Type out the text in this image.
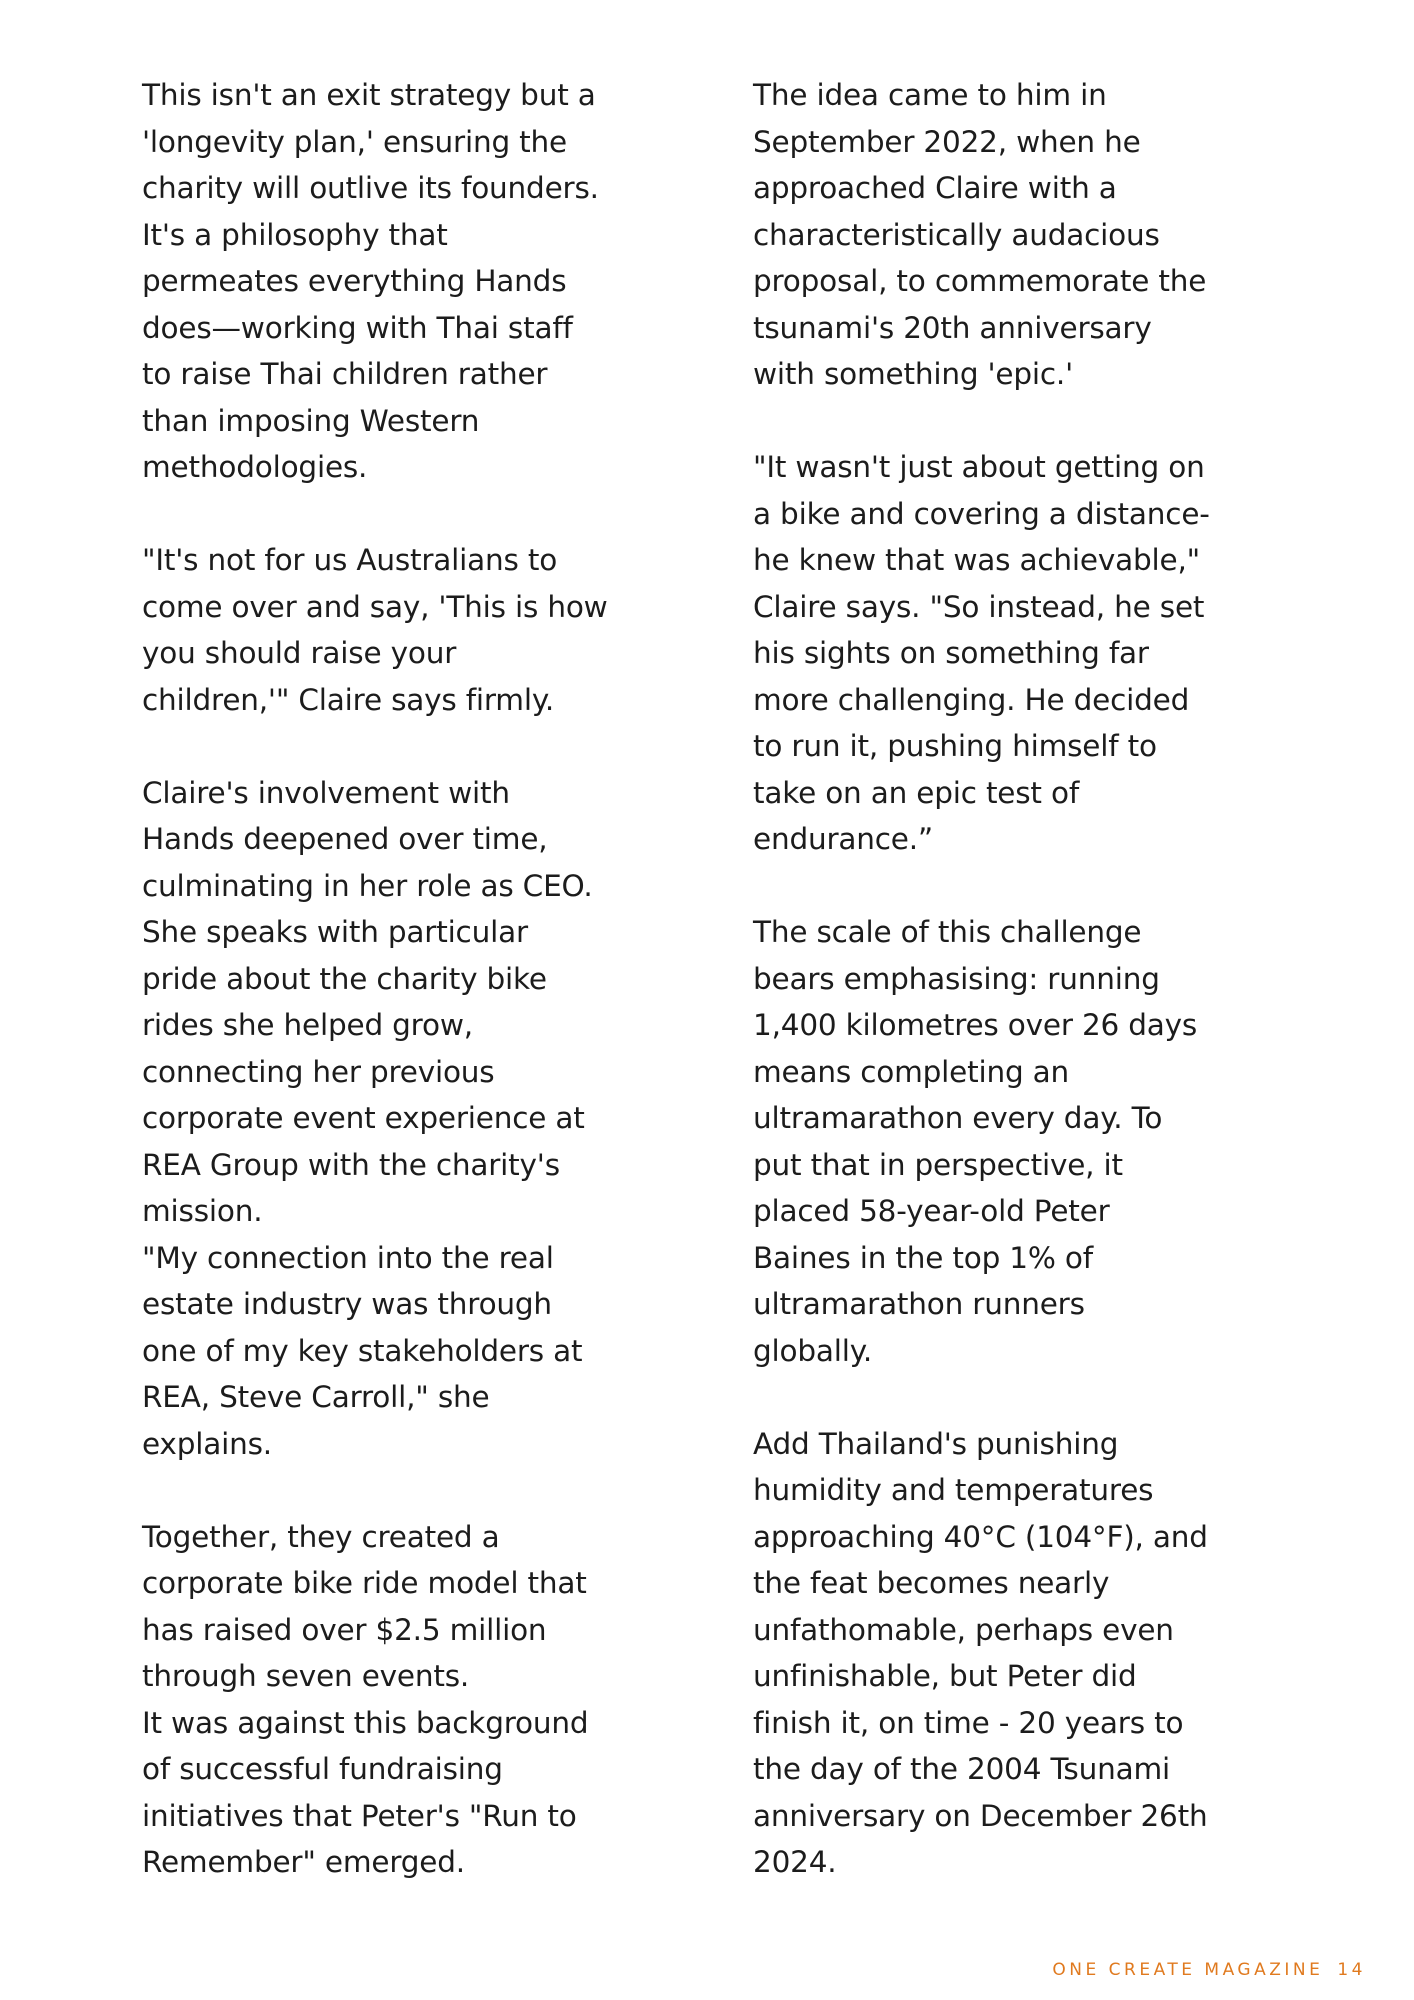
This isn't an exit strategy but a
'longevity plan,' ensuring the
charity will outlive its founders.
It's a philosophy that
permeates everything Hands
does—working with Thai staff
to raise Thai children rather
than imposing Western
methodologies.

"It's not for us Australians to
come over and say, 'This is how
you should raise your
children,'" Claire says firmly.

Claire's involvement with
Hands deepened over time,
culminating in her role as CEO.
She speaks with particular
pride about the charity bike
rides she helped grow,
connecting her previous
corporate event experience at
REA Group with the charity's
mission.

"My connection into the real
estate industry was through
one of my key stakeholders at
REA, Steve Carroll," she
explains.

Together, they created a
corporate bike ride model that
has raised over $2.5 million
through seven events.

It was against this background
of successful fundraising
initiatives that Peter's "Run to
Remember" emerged.

The idea came to him in
September 2022, when he
approached Claire with a
characteristically audacious
proposal, to commemorate the
tsunami's 20th anniversary
with something 'epic.'

"It wasn't just about getting on
a bike and covering a distance-
he knew that was achievable,"
Claire says. "So instead, he set
his sights on something far
more challenging. He decided
to run it, pushing himself to
take on an epic test of
endurance.”

The scale of this challenge
bears emphasising: running
1,400 kilometres over 26 days
means completing an
ultramarathon every day. To
put that in perspective, it
placed 58-year-old Peter
Baines in the top 1% of
ultramarathon runners
globally.

Add Thailand's punishing
humidity and temperatures
approaching 40°C (104°F), and
the feat becomes nearly
unfathomable, perhaps even
unfinishable, but Peter did
finish it, on time - 20 years to
the day of the 2004 Tsunami
anniversary on December 26th
2024.

ONE CREATE MAGAZINE 14
